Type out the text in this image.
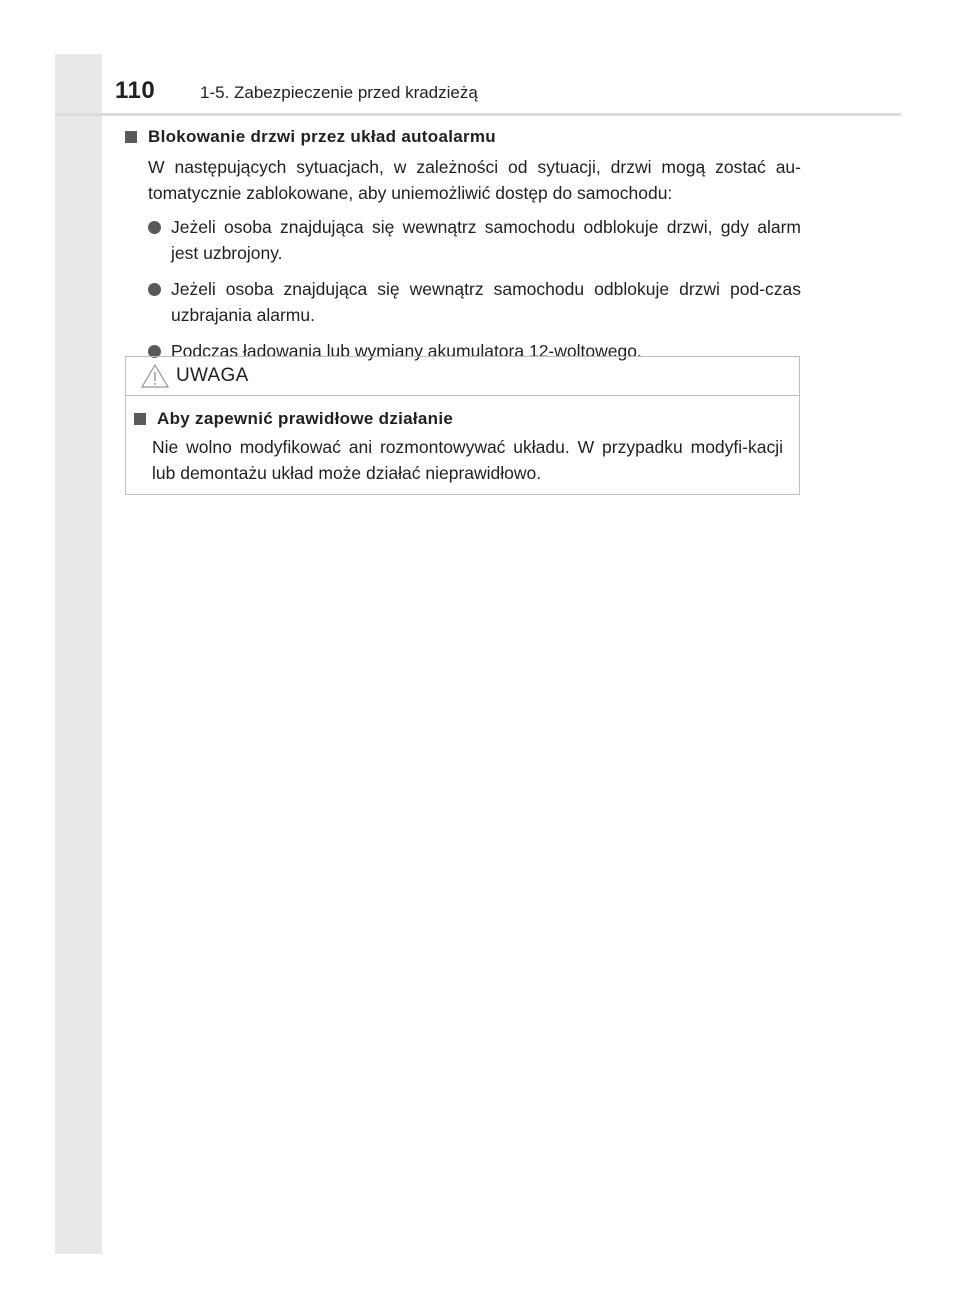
110	1-5. Zabezpieczenie przed kradzieżą
Blokowanie drzwi przez układ autoalarmu

W następujących sytuacjach, w zależności od sytuacji, drzwi mogą zostać au-tomatycznie zablokowane, aby uniemożliwić dostęp do samochodu:

Jeżeli osoba znajdująca się wewnątrz samochodu odblokuje drzwi, gdy alarm jest uzbrojony.
Jeżeli osoba znajdująca się wewnątrz samochodu odblokuje drzwi pod-czas uzbrajania alarmu.
Podczas ładowania lub wymiany akumulatora 12-woltowego.
UWAGA
Aby zapewnić prawidłowe działanie

Nie wolno modyfikować ani rozmontowywać układu. W przypadku modyfi-kacji lub demontażu układ może działać nieprawidłowo.
